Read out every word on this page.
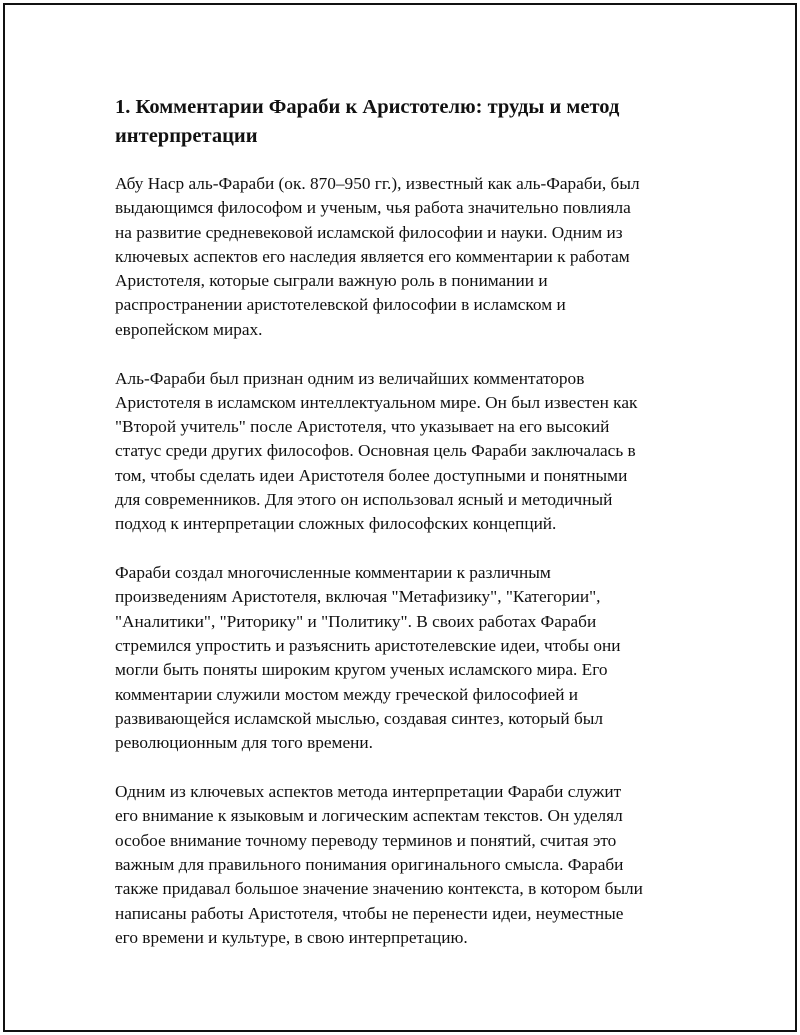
1. Комментарии Фараби к Аристотелю: труды и метод
интерпретации

Абу Наср аль-Фараби (ок. 870–950 гг.), известный как аль-Фараби, был
выдающимся философом и ученым, чья работа значительно повлияла
на развитие средневековой исламской философии и науки. Одним из
ключевых аспектов его наследия является его комментарии к работам
Аристотеля, которые сыграли важную роль в понимании и
распространении аристотелевской философии в исламском и
европейском мирах.

Аль-Фараби был признан одним из величайших комментаторов
Аристотеля в исламском интеллектуальном мире. Он был известен как
"Второй учитель" после Аристотеля, что указывает на его высокий
статус среди других философов. Основная цель Фараби заключалась в
том, чтобы сделать идеи Аристотеля более доступными и понятными
для современников. Для этого он использовал ясный и методичный
подход к интерпретации сложных философских концепций.

Фараби создал многочисленные комментарии к различным
произведениям Аристотеля, включая "Метафизику", "Категории",
"Аналитики", "Риторику" и "Политику". В своих работах Фараби
стремился упростить и разъяснить аристотелевские идеи, чтобы они
могли быть поняты широким кругом ученых исламского мира. Его
комментарии служили мостом между греческой философией и
развивающейся исламской мыслью, создавая синтез, который был
революционным для того времени.

Одним из ключевых аспектов метода интерпретации Фараби служит
его внимание к языковым и логическим аспектам текстов. Он уделял
особое внимание точному переводу терминов и понятий, считая это
важным для правильного понимания оригинального смысла. Фараби
также придавал большое значение значению контекста, в котором были
написаны работы Аристотеля, чтобы не перенести идеи, неуместные
его времени и культуре, в свою интерпретацию.
